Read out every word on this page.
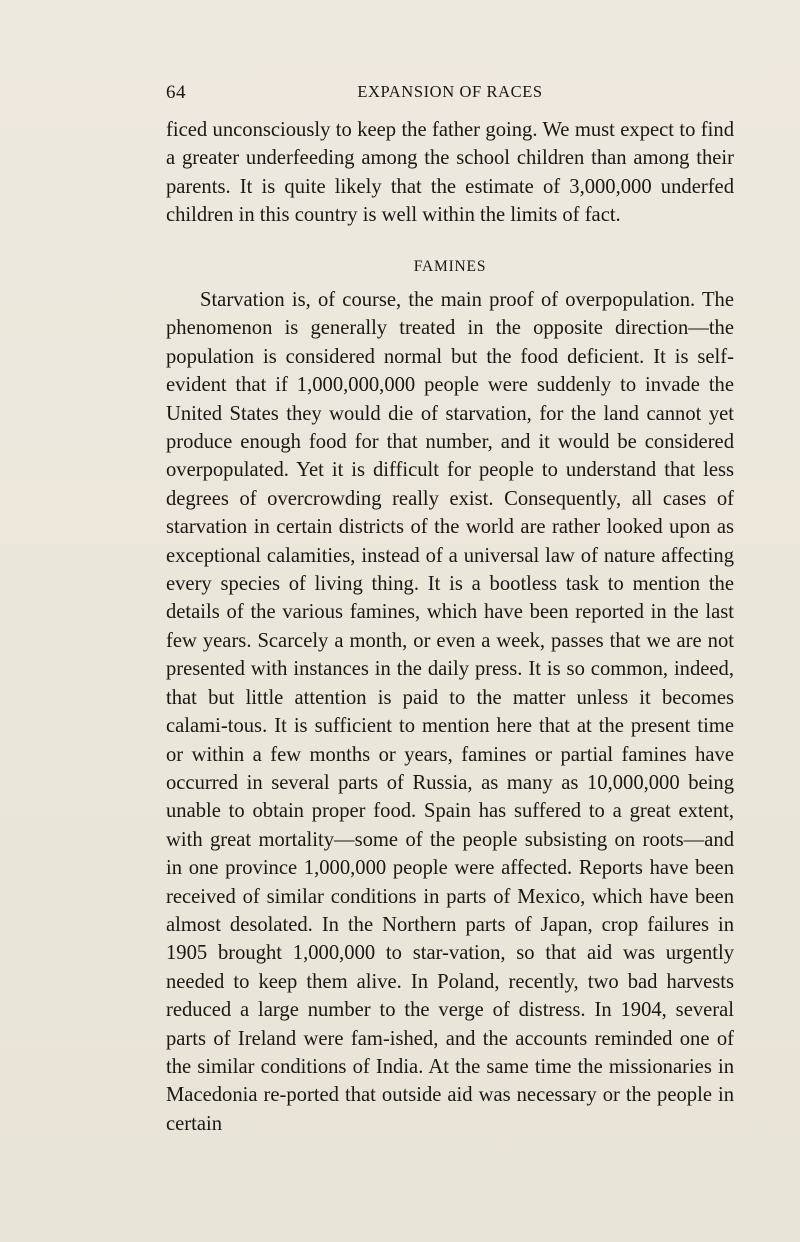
64	EXPANSION OF RACES

ficed unconsciously to keep the father going. We must expect to find a greater underfeeding among the school children than among their parents. It is quite likely that the estimate of 3,000,000 underfed children in this country is well within the limits of fact.

FAMINES

Starvation is, of course, the main proof of overpopulation. The phenomenon is generally treated in the opposite direction—the population is considered normal but the food deficient. It is self-evident that if 1,000,000,000 people were suddenly to invade the United States they would die of starvation, for the land cannot yet produce enough food for that number, and it would be considered overpopulated. Yet it is difficult for people to understand that less degrees of overcrowding really exist. Consequently, all cases of starvation in certain districts of the world are rather looked upon as exceptional calamities, instead of a universal law of nature affecting every species of living thing. It is a bootless task to mention the details of the various famines, which have been reported in the last few years. Scarcely a month, or even a week, passes that we are not presented with instances in the daily press. It is so common, indeed, that but little attention is paid to the matter unless it becomes calami-tous. It is sufficient to mention here that at the present time or within a few months or years, famines or partial famines have occurred in several parts of Russia, as many as 10,000,000 being unable to obtain proper food. Spain has suffered to a great extent, with great mortality—some of the people subsisting on roots—and in one province 1,000,000 people were affected. Reports have been received of similar conditions in parts of Mexico, which have been almost desolated. In the Northern parts of Japan, crop failures in 1905 brought 1,000,000 to star-vation, so that aid was urgently needed to keep them alive. In Poland, recently, two bad harvests reduced a large number to the verge of distress. In 1904, several parts of Ireland were fam-ished, and the accounts reminded one of the similar conditions of India. At the same time the missionaries in Macedonia re-ported that outside aid was necessary or the people in certain
